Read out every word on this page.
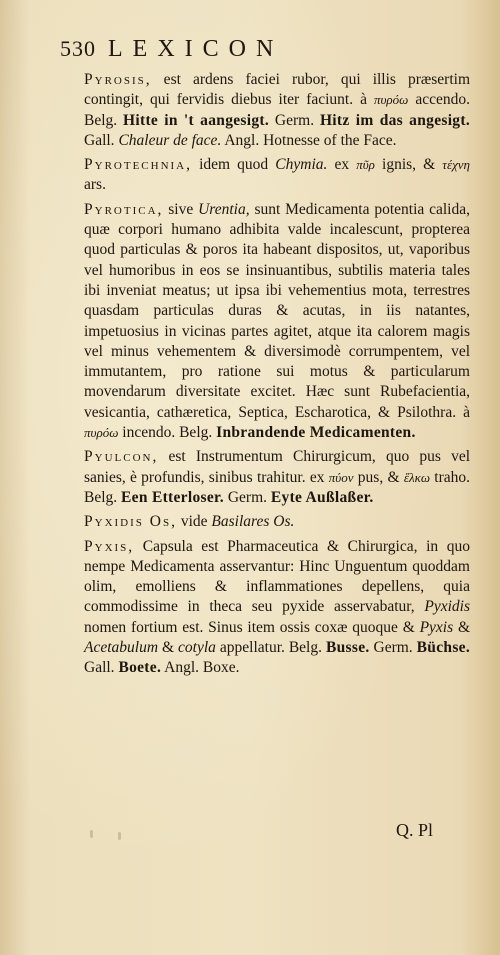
530 LEXICON

Pyrosis, est ardens faciei rubor, qui illis præsertim contingit, qui fervidis diebus iter faciunt. à πυρόω accendo. Belg. Hitte in 't aangesigt. Germ. Hitz im das angesigt. Gall. Chaleur de face. Angl. Hotnesse of the Face.

Pyrotechnia, idem quod Chymia. ex πῦρ ignis, & τέχνη ars.

Pyrotica, sive Urentia, sunt Medicamenta potentia calida, quæ corpori humano adhibita valde incalescunt, propterea quod particulas & poros ita habeant dispositos, ut, vaporibus vel humoribus in eos se insinuantibus, subtilis materia tales ibi inveniat meatus; ut ipsa ibi vehementius mota, terrestres quasdam particulas duras & acutas, in iis natantes, impetuosius in vicinas partes agitet, atque ita calorem magis vel minus vehementem & diversimodè corrumpentem, vel immutantem, pro ratione sui motus & particularum movendarum diversitate excitet. Hæc sunt Rubefacientia, vesicantia, cathæretica, Septica, Escharotica, & Psilothra. à πυρόω incendo. Belg. Inbrandende Medicamenten.

Pyulcon, est Instrumentum Chirurgicum, quo pus vel sanies, è profundis, sinibus trahitur. ex πύον pus, & ἕλκω traho. Belg. Een Etterloser. Germ. Eyte Außlaßer.

Pyxidis Os, vide Basilares Os.

Pyxis, Capsula est Pharmaceutica & Chirurgica, in quo nempe Medicamenta asservantur: Hinc Unguentum quoddam olim, emolliens & inflammationes depellens, quia commodissime in theca seu pyxide asservabatur, Pyxidis nomen fortium est. Sinus item ossis coxæ quoque & Pyxis & Acetabulum & cotyla appellatur. Belg. Busse. Germ. Büchse. Gall. Boete. Angl. Boxe.

Q. Pl
